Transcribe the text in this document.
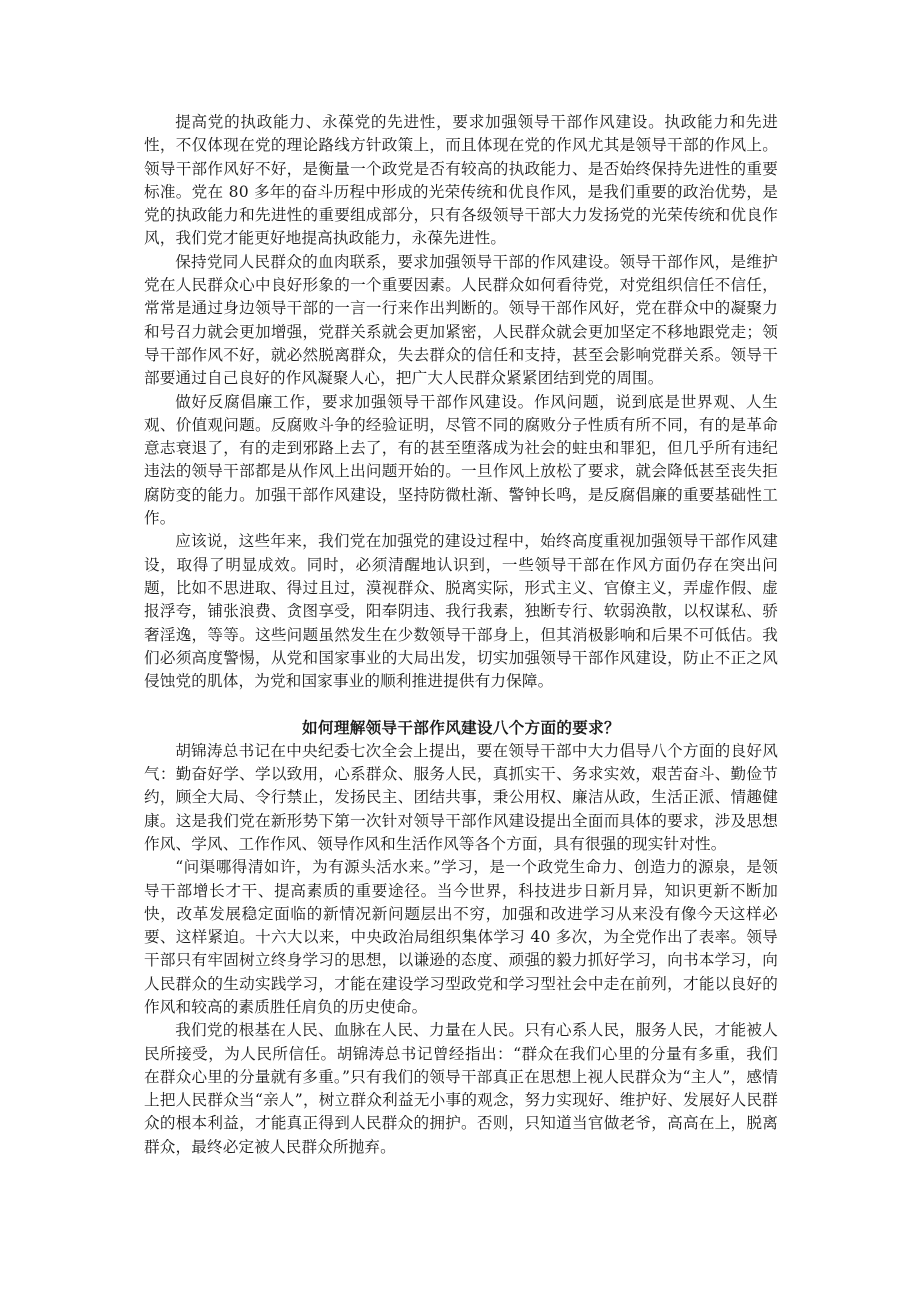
提高党的执政能力、永葆党的先进性，要求加强领导干部作风建设。执政能力和先进性，不仅体现在党的理论路线方针政策上，而且体现在党的作风尤其是领导干部的作风上。领导干部作风好不好，是衡量一个政党是否有较高的执政能力、是否始终保持先进性的重要标准。党在 80 多年的奋斗历程中形成的光荣传统和优良作风，是我们重要的政治优势，是党的执政能力和先进性的重要组成部分，只有各级领导干部大力发扬党的光荣传统和优良作风，我们党才能更好地提高执政能力，永葆先进性。

保持党同人民群众的血肉联系，要求加强领导干部的作风建设。领导干部作风，是维护党在人民群众心中良好形象的一个重要因素。人民群众如何看待党，对党组织信任不信任，常常是通过身边领导干部的一言一行来作出判断的。领导干部作风好，党在群众中的凝聚力和号召力就会更加增强，党群关系就会更加紧密，人民群众就会更加坚定不移地跟党走；领导干部作风不好，就必然脱离群众，失去群众的信任和支持，甚至会影响党群关系。领导干部要通过自己良好的作风凝聚人心，把广大人民群众紧紧团结到党的周围。

做好反腐倡廉工作，要求加强领导干部作风建设。作风问题，说到底是世界观、人生观、价值观问题。反腐败斗争的经验证明，尽管不同的腐败分子性质有所不同，有的是革命意志衰退了，有的走到邪路上去了，有的甚至堕落成为社会的蛀虫和罪犯，但几乎所有违纪违法的领导干部都是从作风上出问题开始的。一旦作风上放松了要求，就会降低甚至丧失拒腐防变的能力。加强干部作风建设，坚持防微杜渐、警钟长鸣，是反腐倡廉的重要基础性工作。

应该说，这些年来，我们党在加强党的建设过程中，始终高度重视加强领导干部作风建设，取得了明显成效。同时，必须清醒地认识到，一些领导干部在作风方面仍存在突出问题，比如不思进取、得过且过，漠视群众、脱离实际，形式主义、官僚主义，弄虚作假、虚报浮夸，铺张浪费、贪图享受，阳奉阴违、我行我素，独断专行、软弱涣散，以权谋私、骄奢淫逸，等等。这些问题虽然发生在少数领导干部身上，但其消极影响和后果不可低估。我们必须高度警惕，从党和国家事业的大局出发，切实加强领导干部作风建设，防止不正之风侵蚀党的肌体，为党和国家事业的顺利推进提供有力保障。

如何理解领导干部作风建设八个方面的要求？

胡锦涛总书记在中央纪委七次全会上提出，要在领导干部中大力倡导八个方面的良好风气：勤奋好学、学以致用，心系群众、服务人民，真抓实干、务求实效，艰苦奋斗、勤俭节约，顾全大局、令行禁止，发扬民主、团结共事，秉公用权、廉洁从政，生活正派、情趣健康。这是我们党在新形势下第一次针对领导干部作风建设提出全面而具体的要求，涉及思想作风、学风、工作作风、领导作风和生活作风等各个方面，具有很强的现实针对性。

“问渠哪得清如许，为有源头活水来。”学习，是一个政党生命力、创造力的源泉，是领导干部增长才干、提高素质的重要途径。当今世界，科技进步日新月异，知识更新不断加快，改革发展稳定面临的新情况新问题层出不穷，加强和改进学习从来没有像今天这样必要、这样紧迫。十六大以来，中央政治局组织集体学习 40 多次，为全党作出了表率。领导干部只有牢固树立终身学习的思想，以谦逊的态度、顽强的毅力抓好学习，向书本学习，向人民群众的生动实践学习，才能在建设学习型政党和学习型社会中走在前列，才能以良好的作风和较高的素质胜任肩负的历史使命。

我们党的根基在人民、血脉在人民、力量在人民。只有心系人民，服务人民，才能被人民所接受，为人民所信任。胡锦涛总书记曾经指出：“群众在我们心里的分量有多重，我们在群众心里的分量就有多重。”只有我们的领导干部真正在思想上视人民群众为“主人”，感情上把人民群众当“亲人”，树立群众利益无小事的观念，努力实现好、维护好、发展好人民群众的根本利益，才能真正得到人民群众的拥护。否则，只知道当官做老爷，高高在上，脱离群众，最终必定被人民群众所抛弃。
